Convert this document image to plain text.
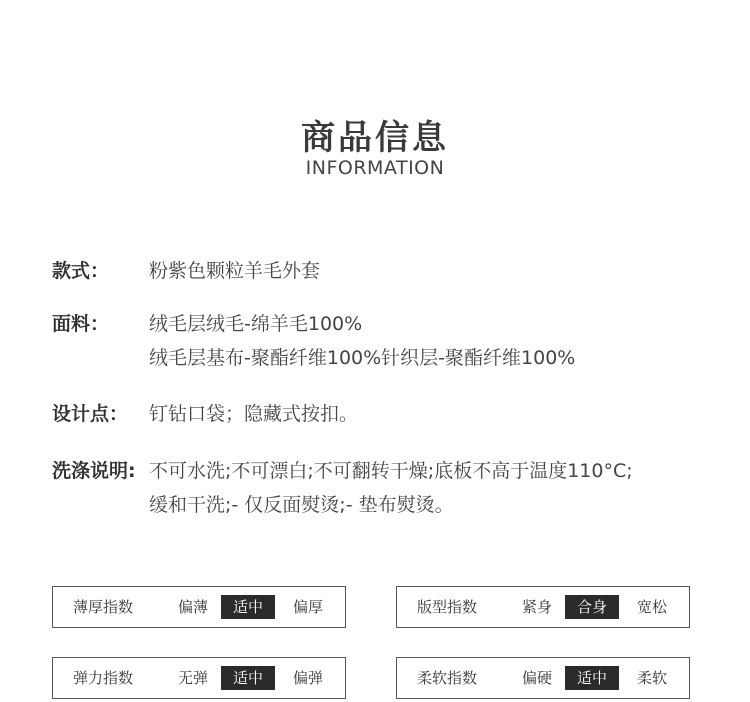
商品信息
INFORMATION
款式： 粉紫色颗粒羊毛外套
面料： 绒毛层绒毛-绵羊毛100%
绒毛层基布-聚酯纤维100%针织层-聚酯纤维100%
设计点： 钉钻口袋；隐藏式按扣。
洗涤说明: 不可水洗;不可漂白;不可翻转干燥;底板不高于温度110°C;
缓和干洗;- 仅反面熨烫;- 垫布熨烫。
薄厚指数	偏薄	适中	偏厚	版型指数	紧身	合身	宽松
弹力指数	无弹	适中	偏弹	柔软指数	偏硬	适中	柔软
